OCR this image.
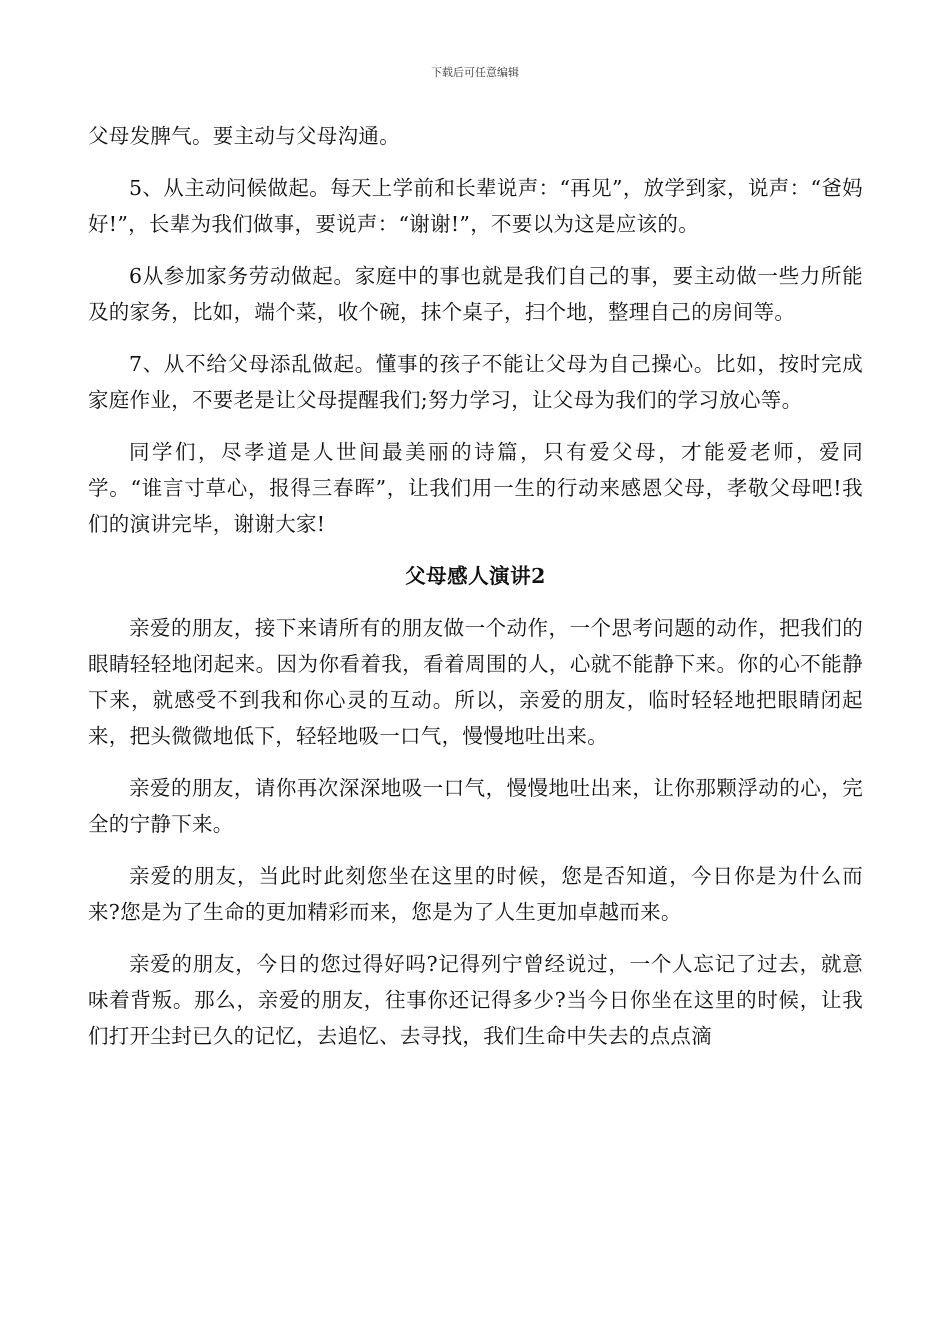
下载后可任意编辑

父母发脾气。要主动与父母沟通。

5、从主动问候做起。每天上学前和长辈说声：“再见”，放学到家，说声：“爸妈好!”，长辈为我们做事，要说声：“谢谢!”，不要以为这是应该的。

6从参加家务劳动做起。家庭中的事也就是我们自己的事，要主动做一些力所能及的家务，比如，端个菜，收个碗，抹个桌子，扫个地，整理自己的房间等。

7、从不给父母添乱做起。懂事的孩子不能让父母为自己操心。比如，按时完成家庭作业，不要老是让父母提醒我们;努力学习，让父母为我们的学习放心等。

同学们，尽孝道是人世间最美丽的诗篇，只有爱父母，才能爱老师，爱同学。“谁言寸草心，报得三春晖”，让我们用一生的行动来感恩父母，孝敬父母吧!我们的演讲完毕，谢谢大家!

父母感人演讲2

亲爱的朋友，接下来请所有的朋友做一个动作，一个思考问题的动作，把我们的眼睛轻轻地闭起来。因为你看着我，看着周围的人，心就不能静下来。你的心不能静下来，就感受不到我和你心灵的互动。所以，亲爱的朋友，临时轻轻地把眼睛闭起来，把头微微地低下，轻轻地吸一口气，慢慢地吐出来。

亲爱的朋友，请你再次深深地吸一口气，慢慢地吐出来，让你那颗浮动的心，完全的宁静下来。

亲爱的朋友，当此时此刻您坐在这里的时候，您是否知道，今日你是为什么而来?您是为了生命的更加精彩而来，您是为了人生更加卓越而来。

亲爱的朋友，今日的您过得好吗?记得列宁曾经说过，一个人忘记了过去，就意味着背叛。那么，亲爱的朋友，往事你还记得多少?当今日你坐在这里的时候，让我们打开尘封已久的记忆，去追忆、去寻找，我们生命中失去的点点滴
